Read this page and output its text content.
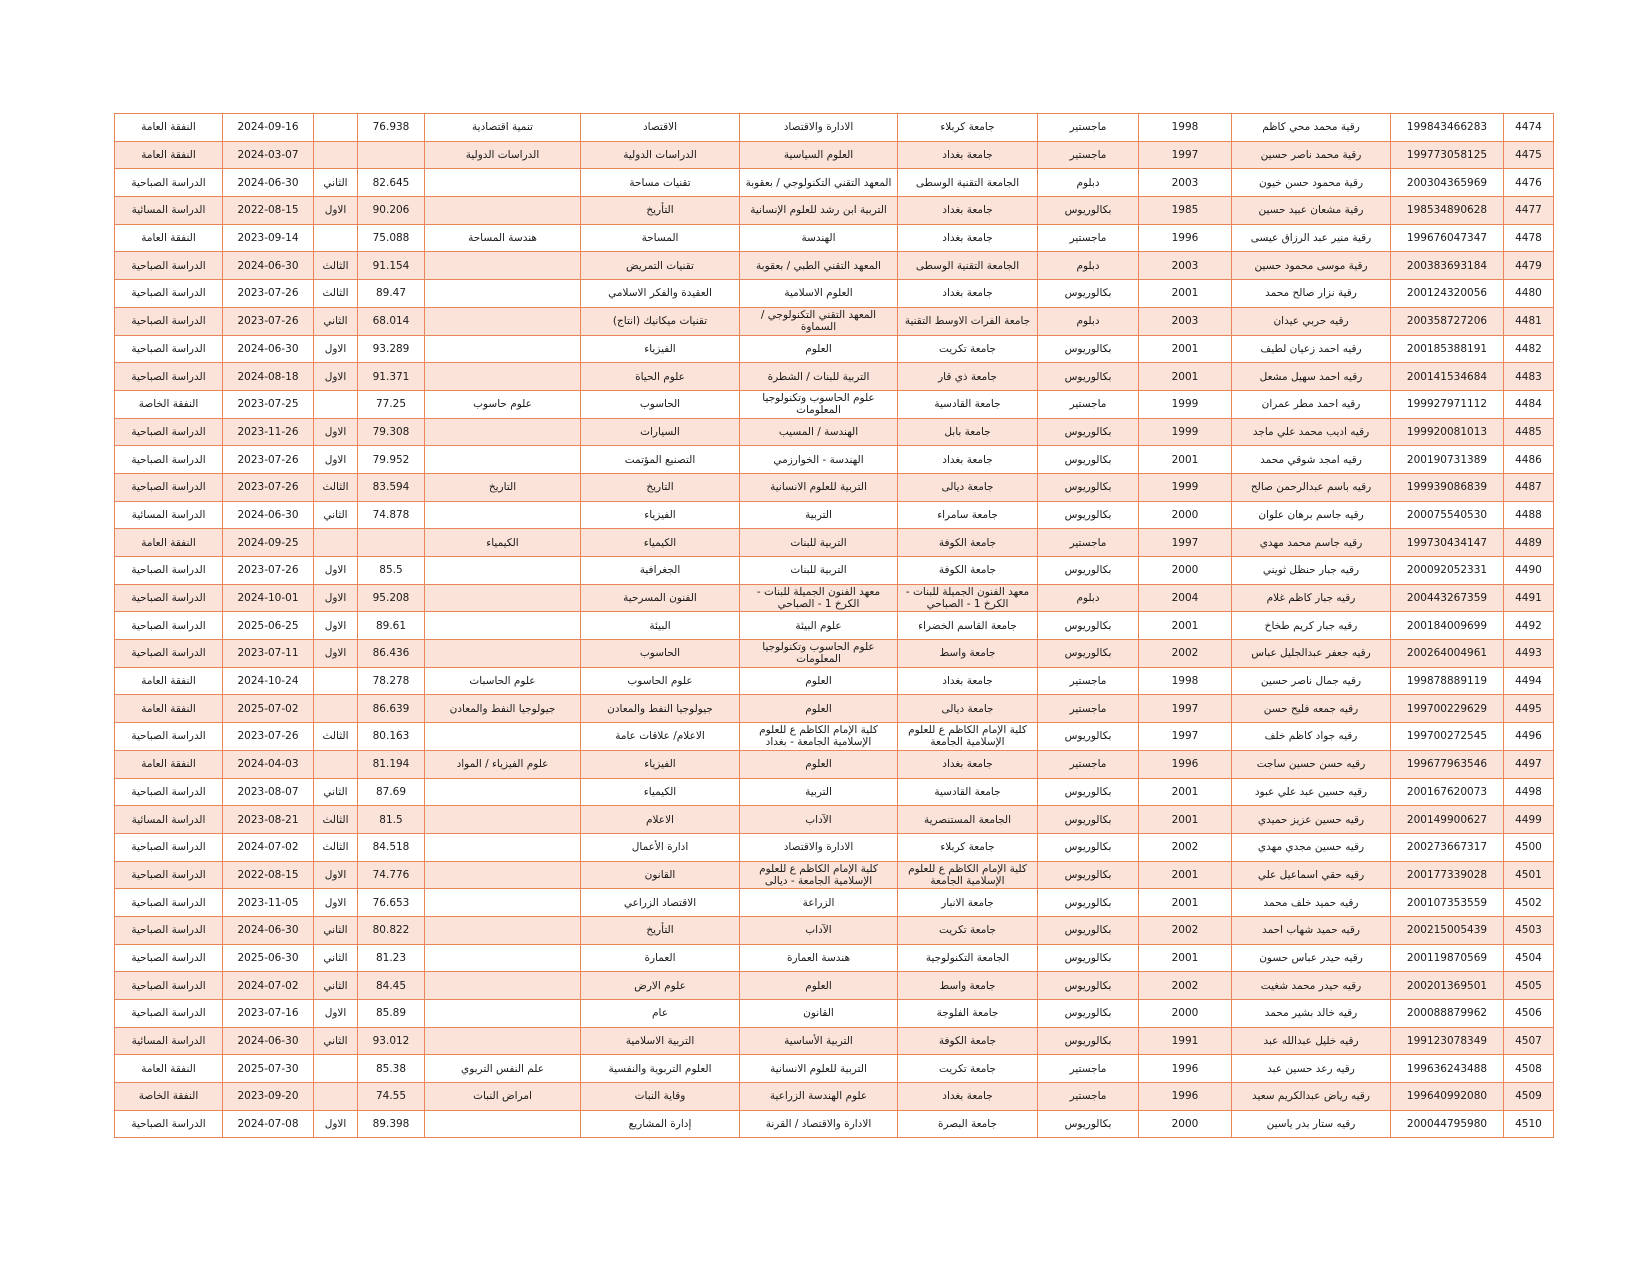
4474	199843466283	رقية محمد محي كاظم	1998	ماجستير	جامعة كربلاء	الادارة والاقتصاد	الاقتصاد	تنمية اقتصادية	76.938		2024-09-16	النفقة العامة
4475	199773058125	رقية محمد ناصر حسين	1997	ماجستير	جامعة بغداد	العلوم السياسية	الدراسات الدولية	الدراسات الدولية			2024-03-07	النفقة العامة
4476	200304365969	رقية محمود حسن خيون	2003	دبلوم	الجامعة التقنية الوسطى	المعهد التقني التكنولوجي / بعقوبة	تقنيات مساحة		82.645	الثاني	2024-06-30	الدراسة الصباحية
4477	198534890628	رقية مشعان عبيد حسين	1985	بكالوريوس	جامعة بغداد	التربية ابن رشد للعلوم الإنسانية	التأريخ		90.206	الاول	2022-08-15	الدراسة المسائية
4478	199676047347	رقية منير عبد الرزاق عيسى	1996	ماجستير	جامعة بغداد	الهندسة	المساحة	هندسة المساحة	75.088		2023-09-14	النفقة العامة
4479	200383693184	رقية موسى محمود حسين	2003	دبلوم	الجامعة التقنية الوسطى	المعهد التقني الطبي / بعقوبة	تقنيات التمريض		91.154	الثالث	2024-06-30	الدراسة الصباحية
4480	200124320056	رقية نزار صالح محمد	2001	بكالوريوس	جامعة بغداد	العلوم الاسلامية	العقيدة والفكر الاسلامي		89.47	الثالث	2023-07-26	الدراسة الصباحية
4481	200358727206	رقيه حربي عيدان	2003	دبلوم	جامعة الفرات الاوسط التقنية	المعهد التقني التكنولوجي / السماوة	تقنيات ميكانيك (انتاج)		68.014	الثاني	2023-07-26	الدراسة الصباحية
4482	200185388191	رقيه احمد زعيان لطيف	2001	بكالوريوس	جامعة تكريت	العلوم	الفيزياء		93.289	الاول	2024-06-30	الدراسة الصباحية
4483	200141534684	رقيه احمد سهيل مشعل	2001	بكالوريوس	جامعة ذي قار	التربية للبنات / الشطرة	علوم الحياة		91.371	الاول	2024-08-18	الدراسة الصباحية
4484	199927971112	رقيه احمد مطر عمران	1999	ماجستير	جامعة القادسية	علوم الحاسوب وتكنولوجيا المعلومات	الحاسوب	علوم حاسوب	77.25		2023-07-25	النفقة الخاصة
4485	199920081013	رقيه اديب محمد علي ماجد	1999	بكالوريوس	جامعة بابل	الهندسة / المسيب	السيارات		79.308	الاول	2023-11-26	الدراسة الصباحية
4486	200190731389	رقيه امجد شوقي محمد	2001	بكالوريوس	جامعة بغداد	الهندسة - الخوارزمي	التصنيع المؤتمت		79.952	الاول	2023-07-26	الدراسة الصباحية
4487	199939086839	رقيه باسم عبدالرحمن صالح	1999	بكالوريوس	جامعة ديالى	التربية للعلوم الانسانية	التاريخ	التاريخ	83.594	الثالث	2023-07-26	الدراسة الصباحية
4488	200075540530	رقيه جاسم برهان علوان	2000	بكالوريوس	جامعة سامراء	التربية	الفيزياء		74.878	الثاني	2024-06-30	الدراسة المسائية
4489	199730434147	رقيه جاسم محمد مهدي	1997	ماجستير	جامعة الكوفة	التربية للبنات	الكيمياء	الكيمياء			2024-09-25	النفقة العامة
4490	200092052331	رقيه جبار حنظل ثويني	2000	بكالوريوس	جامعة الكوفة	التربية للبنات	الجغرافية		85.5	الاول	2023-07-26	الدراسة الصباحية
4491	200443267359	رقيه جبار كاظم غلام	2004	دبلوم	معهد الفنون الجميلة للبنات - الكرخ 1 - الصباحي	معهد الفنون الجميلة للبنات - الكرخ 1 - الصباحي	الفنون المسرحية		95.208	الاول	2024-10-01	الدراسة الصباحية
4492	200184009699	رقيه جبار كريم طخاخ	2001	بكالوريوس	جامعة القاسم الخضراء	علوم البيئة	البيئة		89.61	الاول	2025-06-25	الدراسة الصباحية
4493	200264004961	رقيه جعفر عبدالجليل عباس	2002	بكالوريوس	جامعة واسط	علوم الحاسوب وتكنولوجيا المعلومات	الحاسوب		86.436	الاول	2023-07-11	الدراسة الصباحية
4494	199878889119	رقيه جمال ناصر حسين	1998	ماجستير	جامعة بغداد	العلوم	علوم الحاسوب	علوم الحاسبات	78.278		2024-10-24	النفقة العامة
4495	199700229629	رقيه جمعه فليح حسن	1997	ماجستير	جامعة ديالى	العلوم	جيولوجيا النفط والمعادن	جيولوجيا النفط والمعادن	86.639		2025-07-02	النفقة العامة
4496	199700272545	رقيه جواد كاظم خلف	1997	بكالوريوس	كلية الإمام الكاظم ع للعلوم الإسلامية الجامعة	كلية الإمام الكاظم ع للعلوم الإسلامية الجامعة - بغداد	الاعلام/ علاقات عامة		80.163	الثالث	2023-07-26	الدراسة الصباحية
4497	199677963546	رقيه حسن حسين ساجت	1996	ماجستير	جامعة بغداد	العلوم	الفيزياء	علوم الفيزياء / المواد	81.194		2024-04-03	النفقة العامة
4498	200167620073	رقيه حسين عبد علي عبود	2001	بكالوريوس	جامعة القادسية	التربية	الكيمياء		87.69	الثاني	2023-08-07	الدراسة الصباحية
4499	200149900627	رقيه حسين عزيز حميدي	2001	بكالوريوس	الجامعة المستنصرية	الآداب	الاعلام		81.5	الثالث	2023-08-21	الدراسة المسائية
4500	200273667317	رقيه حسين مجدي مهدي	2002	بكالوريوس	جامعة كربلاء	الادارة والاقتصاد	ادارة الأعمال		84.518	الثالث	2024-07-02	الدراسة الصباحية
4501	200177339028	رقيه حقي اسماعيل علي	2001	بكالوريوس	كلية الإمام الكاظم ع للعلوم الإسلامية الجامعة	كلية الإمام الكاظم ع للعلوم الإسلامية الجامعة - ديالى	القانون		74.776	الاول	2022-08-15	الدراسة الصباحية
4502	200107353559	رقيه حميد خلف محمد	2001	بكالوريوس	جامعة الانبار	الزراعة	الاقتصاد الزراعي		76.653	الاول	2023-11-05	الدراسة الصباحية
4503	200215005439	رقيه حميد شهاب احمد	2002	بكالوريوس	جامعة تكريت	الآداب	التأريخ		80.822	الثاني	2024-06-30	الدراسة الصباحية
4504	200119870569	رقيه حيدر عباس حسون	2001	بكالوريوس	الجامعة التكنولوجية	هندسة العمارة	العمارة		81.23	الثاني	2025-06-30	الدراسة الصباحية
4505	200201369501	رقيه حيدر محمد شغيت	2002	بكالوريوس	جامعة واسط	العلوم	علوم الارض		84.45	الثاني	2024-07-02	الدراسة الصباحية
4506	200088879962	رقيه خالد بشير محمد	2000	بكالوريوس	جامعة الفلوجة	القانون	عام		85.89	الاول	2023-07-16	الدراسة الصباحية
4507	199123078349	رقيه خليل عبدالله عبد	1991	بكالوريوس	جامعة الكوفة	التربية الأساسية	التربية الاسلامية		93.012	الثاني	2024-06-30	الدراسة المسائية
4508	199636243488	رقيه رعد حسين عبد	1996	ماجستير	جامعة تكريت	التربية للعلوم الانسانية	العلوم التربوية والنفسية	علم النفس التربوي	85.38		2025-07-30	النفقة العامة
4509	199640992080	رقيه رياض عبدالكريم سعيد	1996	ماجستير	جامعة بغداد	علوم الهندسة الزراعية	وقاية النبات	امراض النبات	74.55		2023-09-20	النفقة الخاصة
4510	200044795980	رقيه ستار بدر ياسين	2000	بكالوريوس	جامعة البصرة	الادارة والاقتصاد / القرنة	إدارة المشاريع		89.398	الاول	2024-07-08	الدراسة الصباحية
